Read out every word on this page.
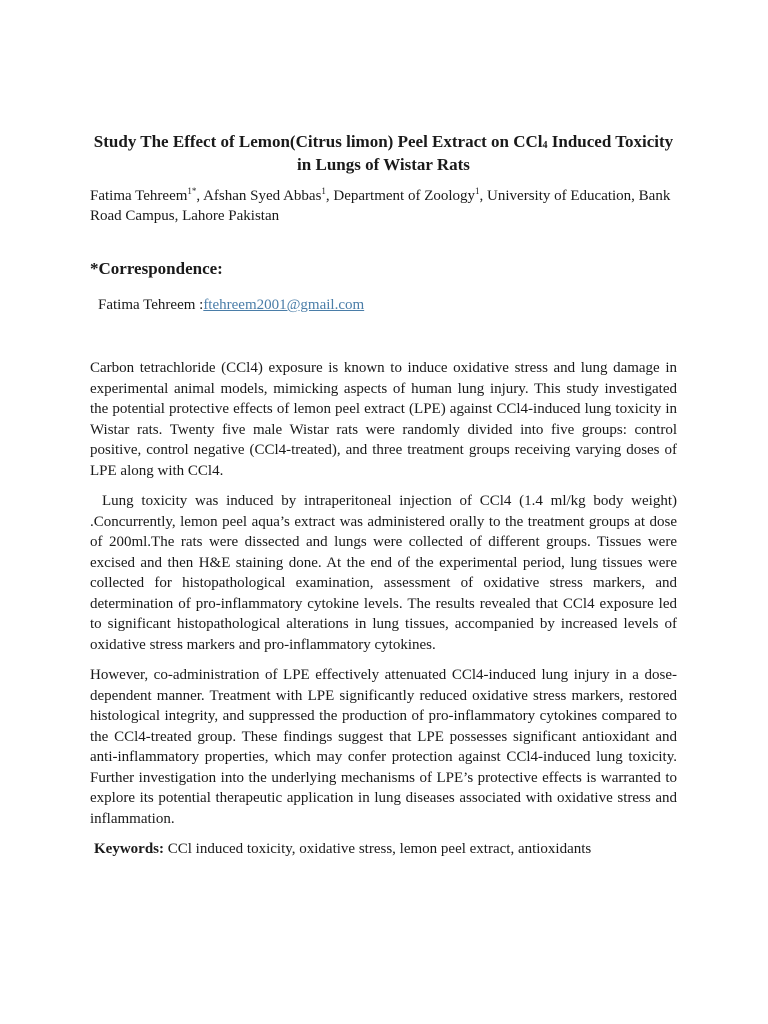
Study The Effect of Lemon(Citrus limon) Peel Extract on CCl$_4$ Induced Toxicity in Lungs of Wistar Rats

Fatima Tehreem$^{1*}$, Afshan Syed Abbas$^1$, Department of Zoology$^1$, University of Education, Bank Road Campus, Lahore Pakistan

*Correspondence:

Fatima Tehreem :ftehreem2001@gmail.com

Carbon tetrachloride (CCl4) exposure is known to induce oxidative stress and lung damage in experimental animal models, mimicking aspects of human lung injury. This study investigated the potential protective effects of lemon peel extract (LPE) against CCl4-induced lung toxicity in Wistar rats. Twenty five male Wistar rats were randomly divided into five groups: control positive, control negative (CCl4-treated), and three treatment groups receiving varying doses of LPE along with CCl4.

Lung toxicity was induced by intraperitoneal injection of CCl4 (1.4 ml/kg body weight) .Concurrently, lemon peel aqua’s extract was administered orally to the treatment groups at dose of 200ml.The rats were dissected and lungs were collected of different groups. Tissues were excised and then H&E staining done. At the end of the experimental period, lung tissues were collected for histopathological examination, assessment of oxidative stress markers, and determination of pro-inflammatory cytokine levels. The results revealed that CCl4 exposure led to significant histopathological alterations in lung tissues, accompanied by increased levels of oxidative stress markers and pro-inflammatory cytokines.

However, co-administration of LPE effectively attenuated CCl4-induced lung injury in a dose-dependent manner. Treatment with LPE significantly reduced oxidative stress markers, restored histological integrity, and suppressed the production of pro-inflammatory cytokines compared to the CCl4-treated group. These findings suggest that LPE possesses significant antioxidant and anti-inflammatory properties, which may confer protection against CCl4-induced lung toxicity. Further investigation into the underlying mechanisms of LPE’s protective effects is warranted to explore its potential therapeutic application in lung diseases associated with oxidative stress and inflammation.

Keywords: CCl induced toxicity, oxidative stress, lemon peel extract, antioxidants
